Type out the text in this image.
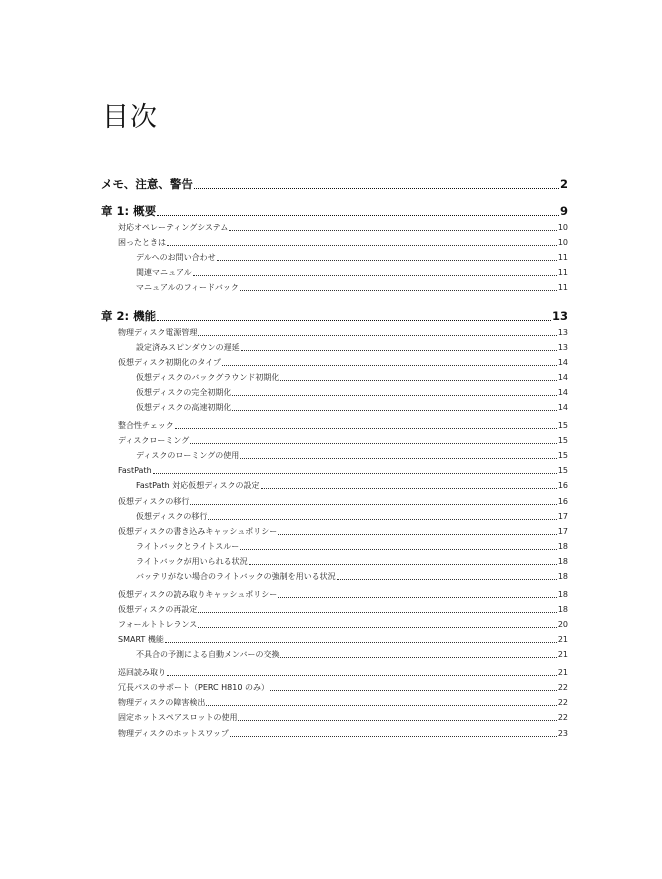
目次
メモ、注意、警告	2
章 1: 概要	9
対応オペレーティングシステム	10
困ったときは	10
デルへのお問い合わせ	11
関連マニュアル	11
マニュアルのフィードバック	11
章 2: 機能	13
物理ディスク電源管理	13
設定済みスピンダウンの遅延	13
仮想ディスク初期化のタイプ	14
仮想ディスクのバックグラウンド初期化	14
仮想ディスクの完全初期化	14
仮想ディスクの高速初期化	14
整合性チェック	15
ディスクローミング	15
ディスクのローミングの使用	15
FastPath	15
FastPath 対応仮想ディスクの設定	16
仮想ディスクの移行	16
仮想ディスクの移行	17
仮想ディスクの書き込みキャッシュポリシー	17
ライトバックとライトスルー	18
ライトバックが用いられる状況	18
バッテリがない場合のライトバックの強制を用いる状況	18
仮想ディスクの読み取りキャッシュポリシー	18
仮想ディスクの再設定	18
フォールトトレランス	20
SMART 機能	21
不具合の予測による自動メンバーの交換	21
巡回読み取り	21
冗長パスのサポート（PERC H810 のみ）	22
物理ディスクの障害検出	22
固定ホットスペアスロットの使用	22
物理ディスクのホットスワップ	23
